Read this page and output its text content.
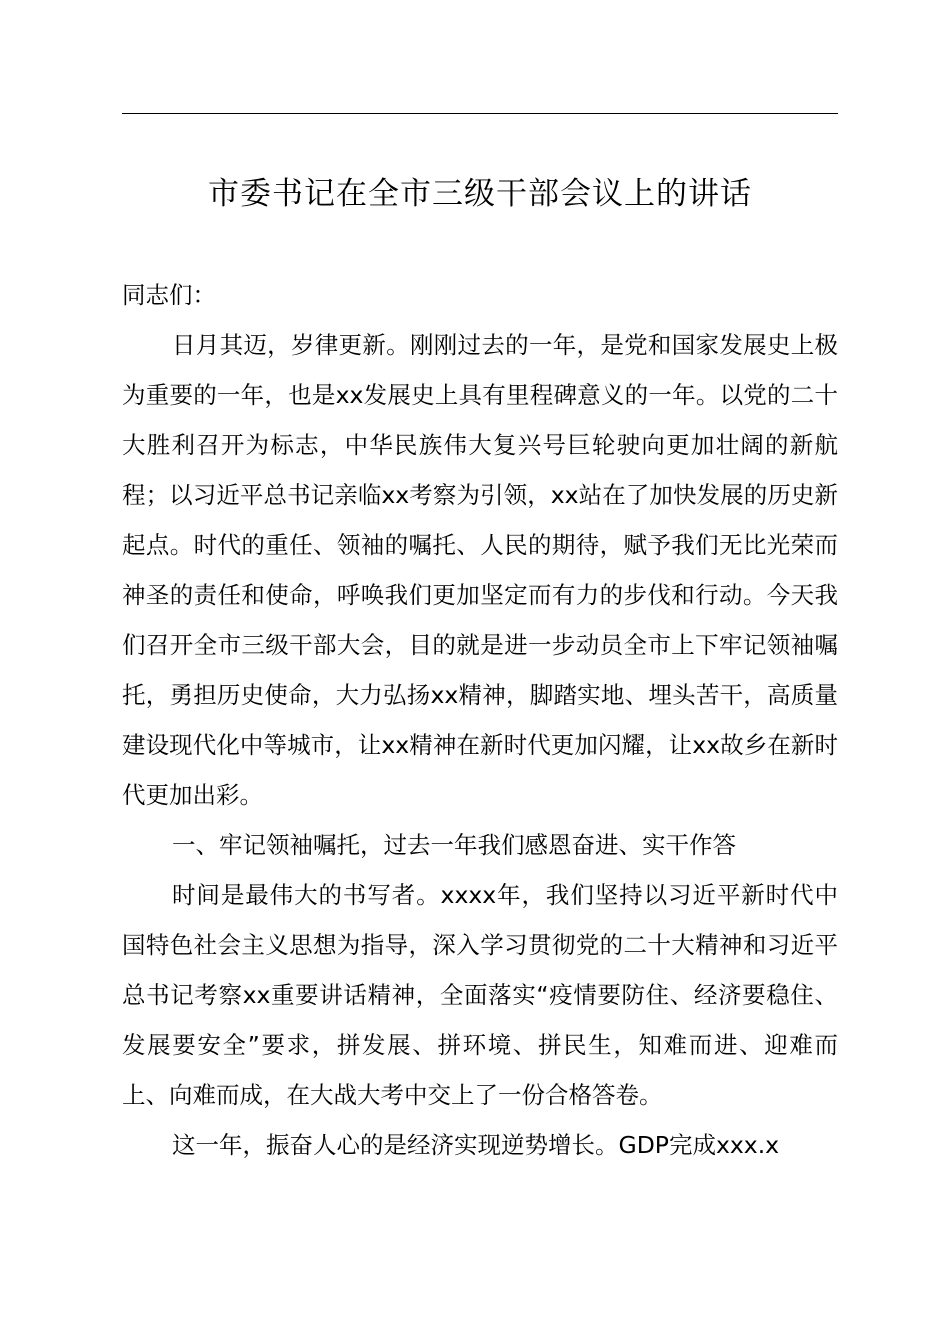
市委书记在全市三级干部会议上的讲话

同志们：

日月其迈，岁律更新。刚刚过去的一年，是党和国家发展史上极为重要的一年，也是xx发展史上具有里程碑意义的一年。以党的二十大胜利召开为标志，中华民族伟大复兴号巨轮驶向更加壮阔的新航程；以习近平总书记亲临xx考察为引领，xx站在了加快发展的历史新起点。时代的重任、领袖的嘱托、人民的期待，赋予我们无比光荣而神圣的责任和使命，呼唤我们更加坚定而有力的步伐和行动。今天我们召开全市三级干部大会，目的就是进一步动员全市上下牢记领袖嘱托，勇担历史使命，大力弘扬xx精神，脚踏实地、埋头苦干，高质量建设现代化中等城市，让xx精神在新时代更加闪耀，让xx故乡在新时代更加出彩。

一、牢记领袖嘱托，过去一年我们感恩奋进、实干作答

时间是最伟大的书写者。xxxx年，我们坚持以习近平新时代中国特色社会主义思想为指导，深入学习贯彻党的二十大精神和习近平总书记考察xx重要讲话精神，全面落实“疫情要防住、经济要稳住、发展要安全”要求，拼发展、拼环境、拼民生，知难而进、迎难而上、向难而成，在大战大考中交上了一份合格答卷。

这一年，振奋人心的是经济实现逆势增长。GDP完成xxx.x
